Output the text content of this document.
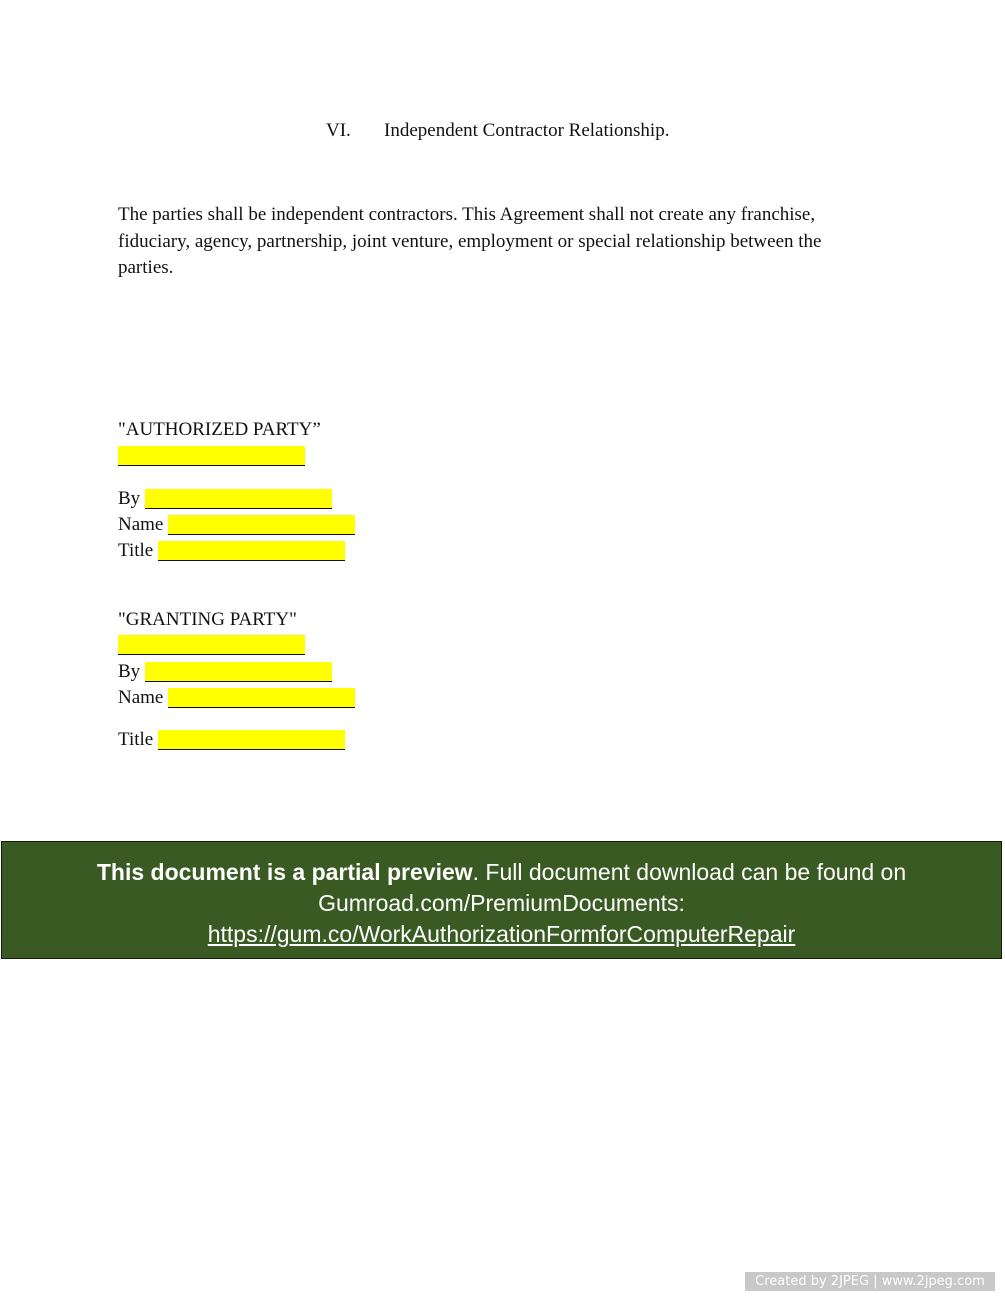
VI. Independent Contractor Relationship.
The parties shall be independent contractors. This Agreement shall not create any franchise, fiduciary, agency, partnership, joint venture, employment or special relationship between the parties.
"AUTHORIZED PARTY”
By
Name
Title
"GRANTING PARTY"
By
Name
Title
This document is a partial preview. Full document download can be found on
Gumroad.com/PremiumDocuments:
https://gum.co/WorkAuthorizationFormforComputerRepair
Created by 2JPEG | www.2jpeg.com
